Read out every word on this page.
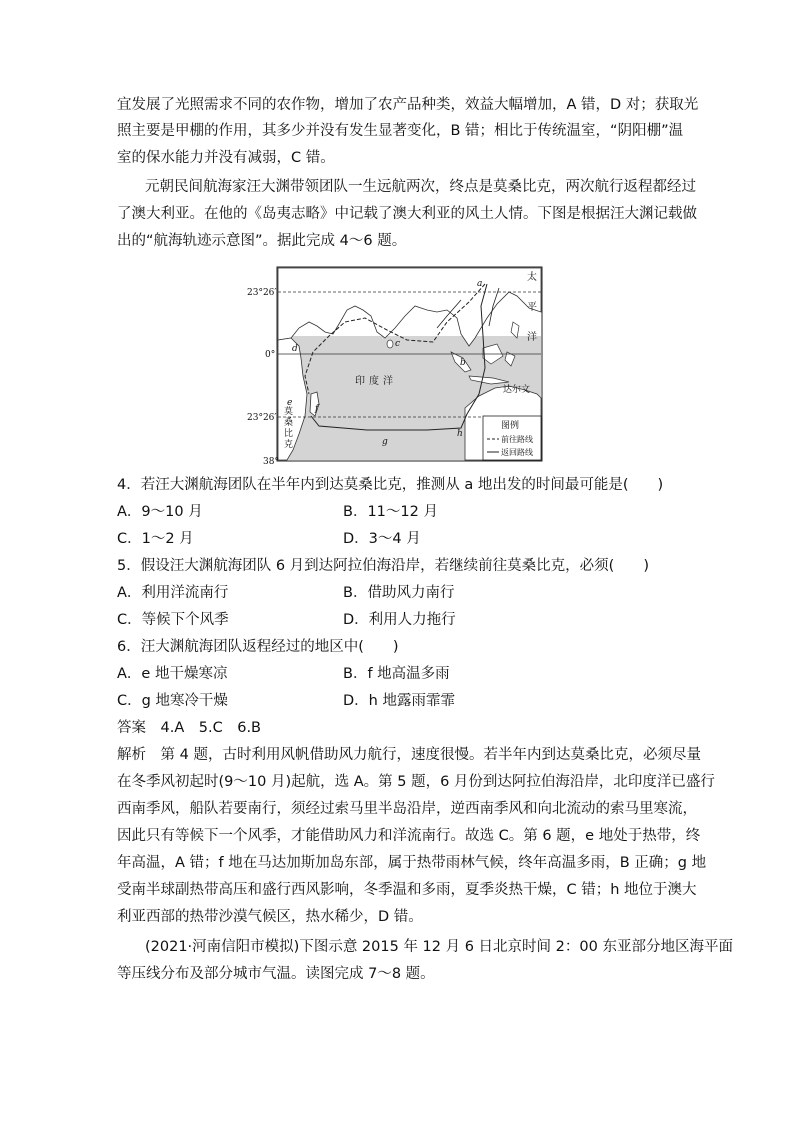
宜发展了光照需求不同的农作物，增加了农产品种类，效益大幅增加，A 错，D 对；获取光
照主要是甲棚的作用，其多少并没有发生显著变化，B 错；相比于传统温室，“阴阳棚”温
室的保水能力并没有减弱，C 错。
元朝民间航海家汪大渊带领团队一生远航两次，终点是莫桑比克，两次航行返程都经过
了澳大利亚。在他的《岛夷志略》中记载了澳大利亚的风土人情。下图是根据汪大渊记载做
出的“航海轨迹示意图”。据此完成 4～6 题。
23°26′
0°
23°26′
38°
a
b
c
d
e
f
g
h
印度洋
太
平
洋
达尔文
莫
桑
比
克
图例
前往路线
返回路线
4．若汪大渊航海团队在半年内到达莫桑比克，推测从 a 地出发的时间最可能是(　　)
A．9～10 月	B．11～12 月
C．1～2 月	D．3～4 月
5．假设汪大渊航海团队 6 月到达阿拉伯海沿岸，若继续前往莫桑比克，必须(　　)
A．利用洋流南行	B．借助风力南行
C．等候下个风季	D．利用人力拖行
6．汪大渊航海团队返程经过的地区中(　　)
A．e 地干燥寒凉	B．f 地高温多雨
C．g 地寒冷干燥	D．h 地露雨霏霏
答案　4.A　5.C　6.B
解析　第 4 题，古时利用风帆借助风力航行，速度很慢。若半年内到达莫桑比克，必须尽量
在冬季风初起时(9～10 月)起航，选 A。第 5 题，6 月份到达阿拉伯海沿岸，北印度洋已盛行
西南季风，船队若要南行，须经过索马里半岛沿岸，逆西南季风和向北流动的索马里寒流，
因此只有等候下一个风季，才能借助风力和洋流南行。故选 C。第 6 题，e 地处于热带，终
年高温，A 错；f 地在马达加斯加岛东部，属于热带雨林气候，终年高温多雨，B 正确；g 地
受南半球副热带高压和盛行西风影响，冬季温和多雨，夏季炎热干燥，C 错；h 地位于澳大
利亚西部的热带沙漠气候区，热水稀少，D 错。
(2021·河南信阳市模拟)下图示意 2015 年 12 月 6 日北京时间 2：00 东亚部分地区海平面
等压线分布及部分城市气温。读图完成 7～8 题。
